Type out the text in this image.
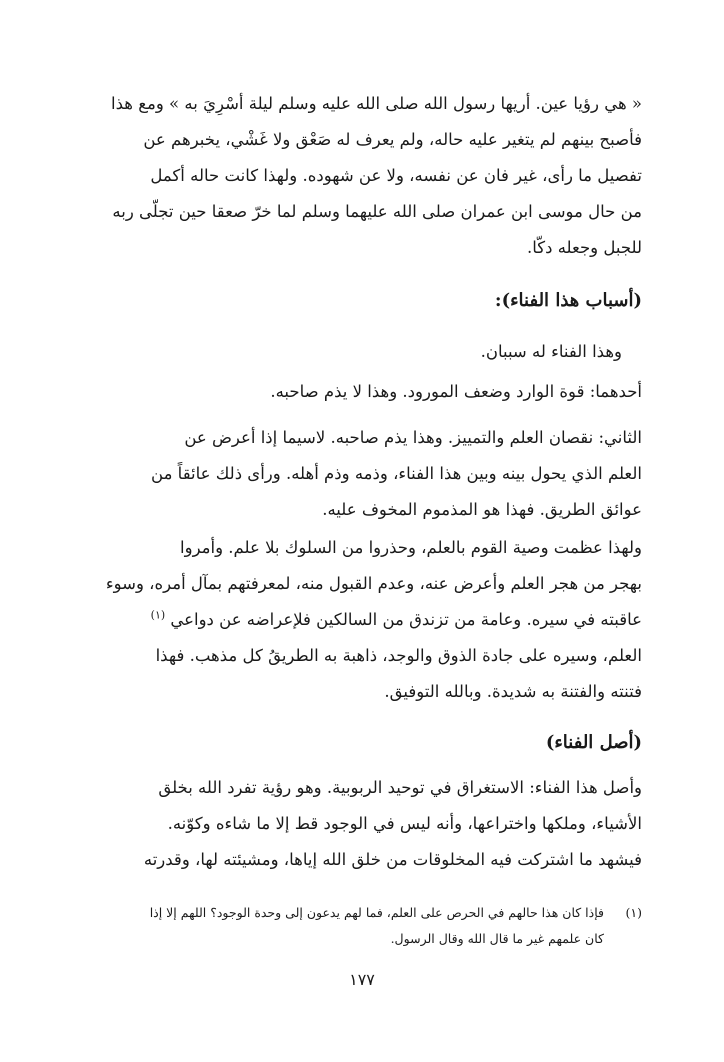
« هي رؤيا عين. أريها رسول الله صلى الله عليه وسلم ليلة أسْرِيَ به » ومع هذا
فأصبح بينهم لم يتغير عليه حاله، ولم يعرف له صَعْق ولا غَشْي، يخبرهم عن
تفصيل ما رأى، غير فان عن نفسه، ولا عن شهوده. ولهذا كانت حاله أكمل
من حال موسى ابن عمران صلى الله عليهما وسلم لما خرّ صعقا حين تجلّى ربه
للجبل وجعله دكّا.
(أسباب هذا الفناء):
وهذا الفناء له سببان.
أحدهما: قوة الوارد وضعف المورود. وهذا لا يذم صاحبه.
الثاني: نقصان العلم والتمييز. وهذا يذم صاحبه. لاسيما إذا أعرض عن
العلم الذي يحول بينه وبين هذا الفناء، وذمه وذم أهله. ورأى ذلك عائقاً من
عوائق الطريق. فهذا هو المذموم المخوف عليه.
ولهذا عظمت وصية القوم بالعلم، وحذروا من السلوك بلا علم. وأمروا
بهجر من هجر العلم وأعرض عنه، وعدم القبول منه، لمعرفتهم بمآل أمره، وسوء
عاقبته في سيره. وعامة من تزندق من السالكين فلإعراضه عن دواعي $^{(١)}$
العلم، وسيره على جادة الذوق والوجد، ذاهبة به الطريقُ كل مذهب. فهذا
فتنته والفتنة به شديدة. وبالله التوفيق.
(أصل الفناء)
وأصل هذا الفناء: الاستغراق في توحيد الربوبية. وهو رؤية تفرد الله بخلق
الأشياء، وملكها واختراعها، وأنه ليس في الوجود قط إلا ما شاءه وكوّنه.
فيشهد ما اشتركت فيه المخلوقات من خلق الله إياها، ومشيئته لها، وقدرته
(١)
فإذا كان هذا حالهم في الحرص على العلم، فما لهم يدعون إلى وحدة الوجود؟ اللهم إلا إذا
كان علمهم غير ما قال الله وقال الرسول.
١٧٧
